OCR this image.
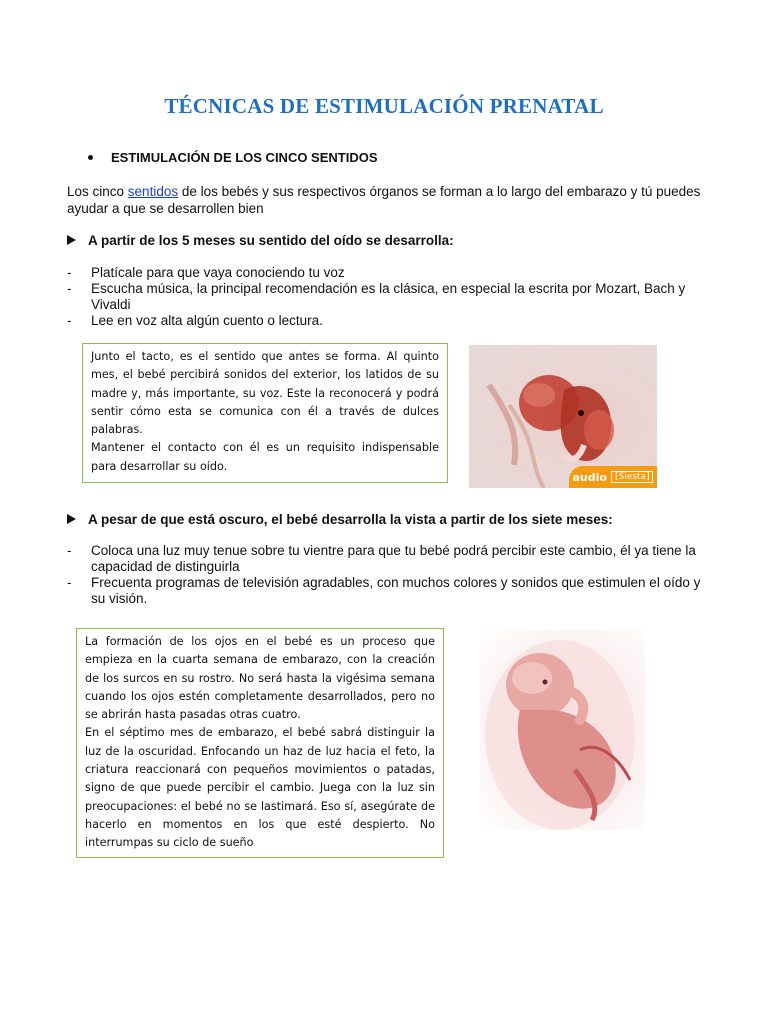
TÉCNICAS DE ESTIMULACIÓN PRENATAL
ESTIMULACIÓN DE LOS CINCO SENTIDOS
Los cinco sentidos de los bebés y sus respectivos órganos se forman a lo largo del embarazo y tú puedes ayudar a que se desarrollen bien
A partir de los 5 meses su sentido del oído se desarrolla:
- Platícale para que vaya conociendo tu voz
- Escucha música, la principal recomendación es la clásica, en especial la escrita por Mozart, Bach y Vivaldi
- Lee en voz alta algún cuento o lectura.

Junto el tacto, es el sentido que antes se forma. Al quinto mes, el bebé percibirá sonidos del exterior, los latidos de su madre y, más importante, su voz. Este la reconocerá y podrá sentir cómo esta se comunica con él a través de dulces palabras.

Mantener el contacto con él es un requisito indispensable para desarrollar su oído.

audio [Siesta]
A pesar de que está oscuro, el bebé desarrolla la vista a partir de los siete meses:
- Coloca una luz muy tenue sobre tu vientre para que tu bebé podrá percibir este cambio, él ya tiene la capacidad de distinguirla
- Frecuenta programas de televisión agradables, con muchos colores y sonidos que estimulen el oído y su visión.

La formación de los ojos en el bebé es un proceso que empieza en la cuarta semana de embarazo, con la creación de los surcos en su rostro. No será hasta la vigésima semana cuando los ojos estén completamente desarrollados, pero no se abrirán hasta pasadas otras cuatro.

En el séptimo mes de embarazo, el bebé sabrá distinguir la luz de la oscuridad. Enfocando un haz de luz hacia el feto, la criatura reaccionará con pequeños movimientos o patadas, signo de que puede percibir el cambio. Juega con la luz sin preocupaciones: el bebé no se lastimará. Eso sí, asegúrate de hacerlo en momentos en los que esté despierto. No interrumpas su ciclo de sueño
